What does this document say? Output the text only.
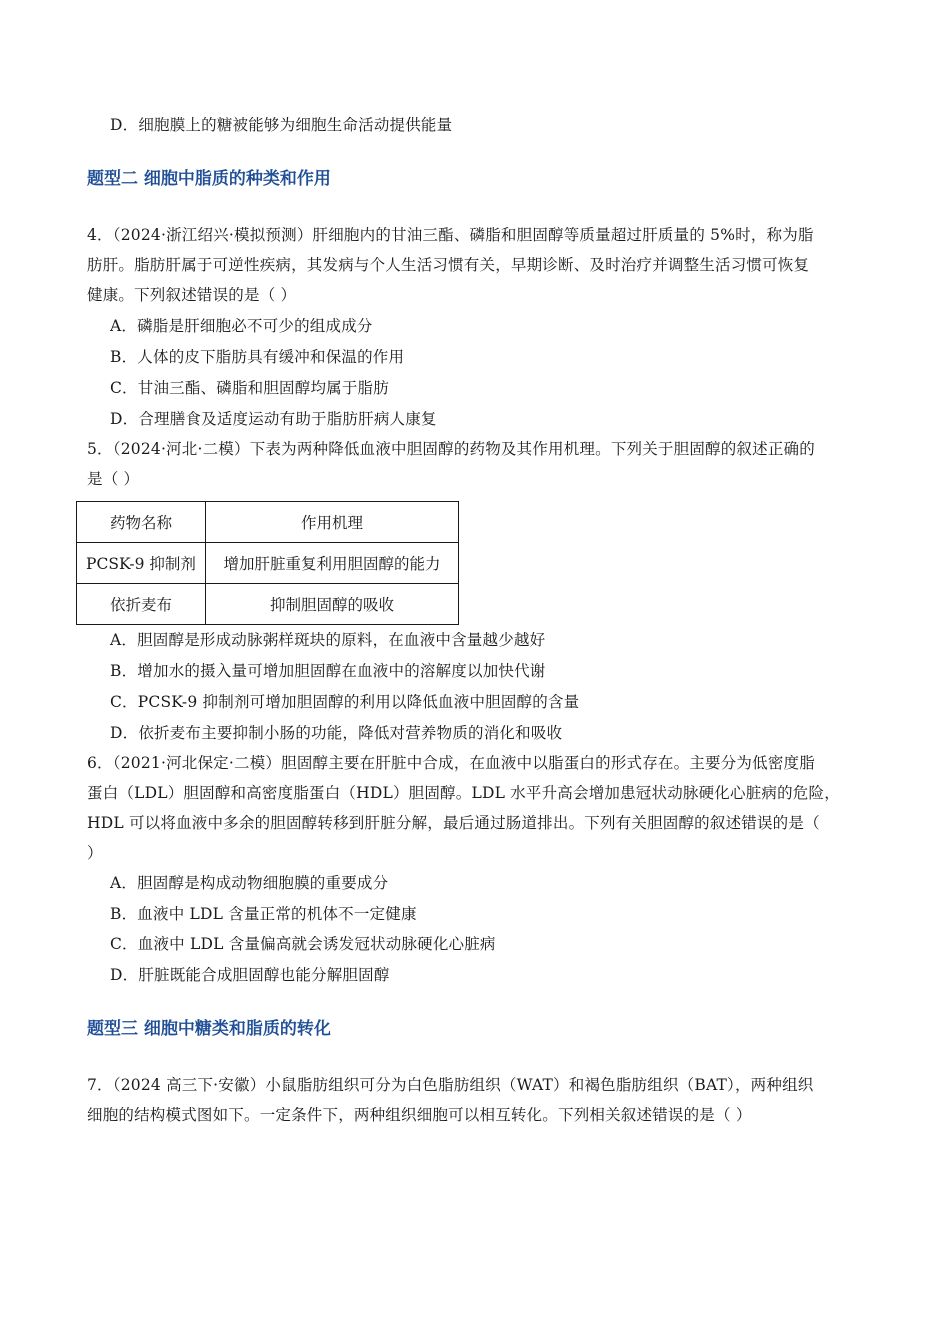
D．细胞膜上的糖被能够为细胞生命活动提供能量
题型二 细胞中脂质的种类和作用
4．（2024·浙江绍兴·模拟预测）肝细胞内的甘油三酯、磷脂和胆固醇等质量超过肝质量的 5%时，称为脂
肪肝。脂肪肝属于可逆性疾病，其发病与个人生活习惯有关，早期诊断、及时治疗并调整生活习惯可恢复
健康。下列叙述错误的是（ ）
A．磷脂是肝细胞必不可少的组成成分
B．人体的皮下脂肪具有缓冲和保温的作用
C．甘油三酯、磷脂和胆固醇均属于脂肪
D．合理膳食及适度运动有助于脂肪肝病人康复
5．（2024·河北·二模）下表为两种降低血液中胆固醇的药物及其作用机理。下列关于胆固醇的叙述正确的
是（ ）
药物名称	作用机理
PCSK-9 抑制剂	增加肝脏重复利用胆固醇的能力
依折麦布	抑制胆固醇的吸收
A．胆固醇是形成动脉粥样斑块的原料，在血液中含量越少越好
B．增加水的摄入量可增加胆固醇在血液中的溶解度以加快代谢
C．PCSK-9 抑制剂可增加胆固醇的利用以降低血液中胆固醇的含量
D．依折麦布主要抑制小肠的功能，降低对营养物质的消化和吸收
6．（2021·河北保定·二模）胆固醇主要在肝脏中合成，在血液中以脂蛋白的形式存在。主要分为低密度脂
蛋白（LDL）胆固醇和高密度脂蛋白（HDL）胆固醇。LDL 水平升高会增加患冠状动脉硬化心脏病的危险，
HDL 可以将血液中多余的胆固醇转移到肝脏分解，最后通过肠道排出。下列有关胆固醇的叙述错误的是（
）
A．胆固醇是构成动物细胞膜的重要成分
B．血液中 LDL 含量正常的机体不一定健康
C．血液中 LDL 含量偏高就会诱发冠状动脉硬化心脏病
D．肝脏既能合成胆固醇也能分解胆固醇
题型三 细胞中糖类和脂质的转化
7．（2024 高三下·安徽）小鼠脂肪组织可分为白色脂肪组织（WAT）和褐色脂肪组织（BAT），两种组织
细胞的结构模式图如下。一定条件下，两种组织细胞可以相互转化。下列相关叙述错误的是（ ）
